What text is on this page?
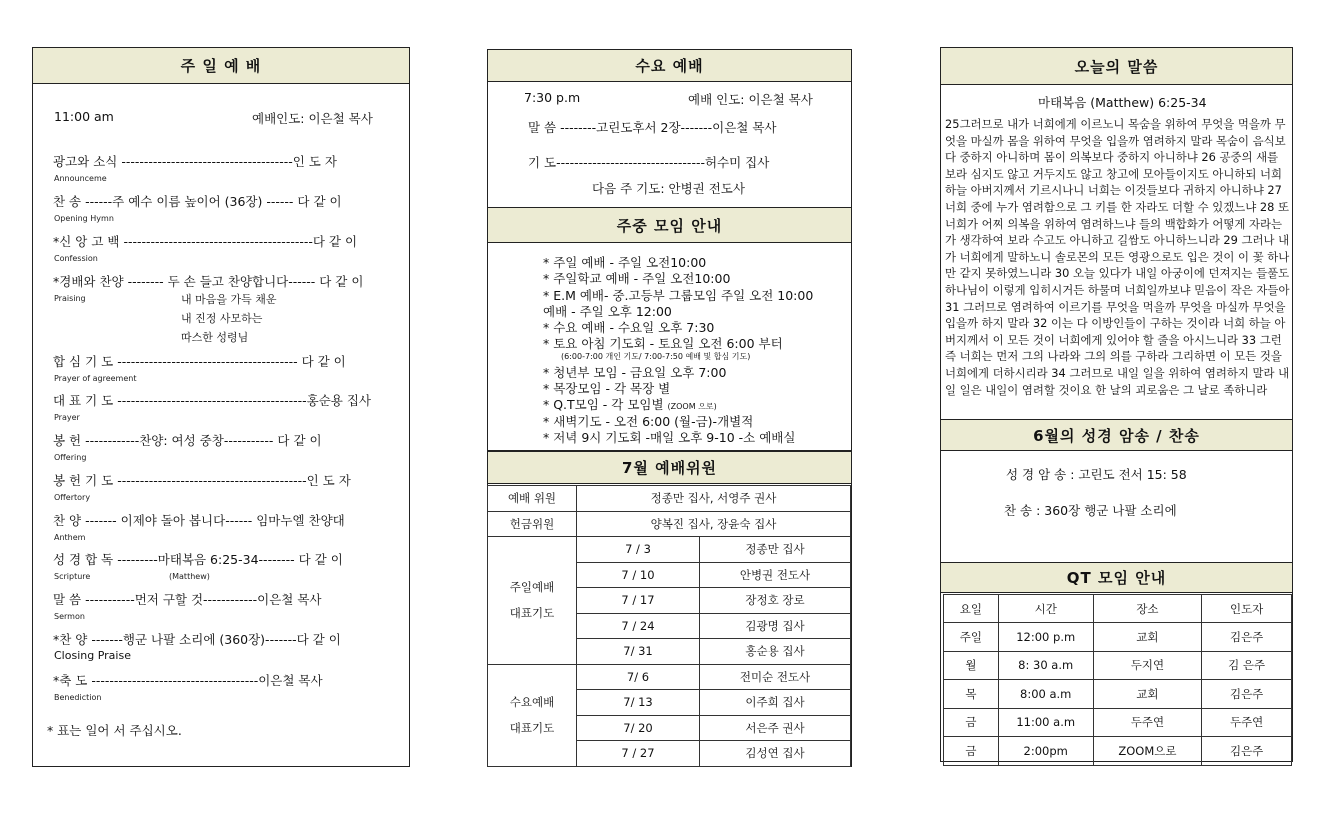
주 일 예 배
11:00 am	예배인도: 이은철 목사
광고와 소식 --------------------------------------인 도 자
Announceme
찬 송 ------주 예수 이름 높이어 (36장) ------ 다 같 이
Opening Hymn
*신 앙 고 백 ------------------------------------------다 같 이
Confession
*경배와 찬양 -------- 두 손 들고 찬양합니다------ 다 같 이
Praising	내 마음을 가득 채운
내 진정 사모하는
따스한 성령님
합 심 기 도 ---------------------------------------- 다 같 이
Prayer of agreement
대 표 기 도 ------------------------------------------홍순용 집사
Prayer
봉 헌 ------------찬양: 여성 중창----------- 다 같 이
Offering
봉 헌 기 도 ------------------------------------------인 도 자
Offertory
찬 양 ------- 이제야 돌아 봅니다------ 임마누엘 찬양대
Anthem
성 경 합 독 ---------마태복음 6:25-34-------- 다 같 이
Scripture	(Matthew)
말 씀 -----------먼저 구할 것------------이은철 목사
Sermon
*찬 양 -------행군 나팔 소리에 (360장)-------다 같 이
Closing Praise
*축 도 -------------------------------------이은철 목사
Benediction
* 표는 일어 서 주십시오.
수요 예배
7:30 p.m	예배 인도: 이은철 목사
말 씀 --------고린도후서 2장-------이은철 목사
기 도---------------------------------허수미 집사
다음 주 기도: 안병권 전도사
주중 모임 안내
* 주일 예배 - 주일 오전10:00
* 주일학교 예배 - 주일 오전10:00
* E.M 예배- 중.고등부 그룹모임 주일 오전 10:00
예배 - 주일 오후 12:00
* 수요 예배 - 수요일 오후 7:30
* 토요 아침 기도회 - 토요일 오전 6:00 부터
(6:00-7:00 개인 기도/ 7:00-7:50 예배 및 합심 기도)
* 청년부 모임 - 금요일 오후 7:00
* 목장모임 - 각 목장 별
* Q.T모임 - 각 모임별 (ZOOM 으로)
* 새벽기도 - 오전 6:00 (월-금)-개별적
* 저녁 9시 기도회 -매일 오후 9-10 -소 예배실
7월 예배위원
예배 위원	정종만 집사, 서영주 권사	
헌금위원	양복진 집사, 장윤숙 집사	

주일예배
대표기도	7 / 3	정종만 집사
	7 / 10	안병권 전도사
	7 / 17	장정호 장로
	7 / 24	김광명 집사
	7/ 31	홍순용 집사

수요예배
대표기도	7/ 6	전미순 전도사
	7/ 13	이주희 집사
	7/ 20	서은주 권사
	7 / 27	김성연 집사
오늘의 말씀
마태복음 (Matthew) 6:25-34
25그러므로 내가 너희에게 이르노니 목숨을 위하여 무엇을 먹을까 무엇을 마실까 몸을 위하여 무엇을 입을까 염려하지 말라 목숨이 음식보다 중하지 아니하며 몸이 의복보다 중하지 아니하냐 26 공중의 새를 보라 심지도 않고 거두지도 않고 창고에 모아들이지도 아니하되 너희 하늘 아버지께서 기르시나니 너희는 이것들보다 귀하지 아니하냐 27 너희 중에 누가 염려함으로 그 키를 한 자라도 더할 수 있겠느냐 28 또 너희가 어찌 의복을 위하여 염려하느냐 들의 백합화가 어떻게 자라는가 생각하여 보라 수고도 아니하고 길쌈도 아니하느니라 29 그러나 내가 너희에게 말하노니 솔로몬의 모든 영광으로도 입은 것이 이 꽃 하나만 같지 못하였느니라 30 오늘 있다가 내일 아궁이에 던져지는 들풀도 하나님이 이렇게 입히시거든 하물며 너희일까보냐 믿음이 작은 자들아 31 그러므로 염려하여 이르기를 무엇을 먹을까 무엇을 마실까 무엇을 입을까 하지 말라 32 이는 다 이방인들이 구하는 것이라 너희 하늘 아버지께서 이 모든 것이 너희에게 있어야 할 줄을 아시느니라 33 그런즉 너희는 먼저 그의 나라와 그의 의를 구하라 그리하면 이 모든 것을 너희에게 더하시리라 34 그러므로 내일 일을 위하여 염려하지 말라 내일 일은 내일이 염려할 것이요 한 날의 괴로움은 그 날로 족하니라
6월의 성경 암송 / 찬송
성 경 암 송 : 고린도 전서 15: 58
찬 송 : 360장 행군 나팔 소리에
QT 모임 안내
요일	시간	장소	인도자
주일	12:00 p.m	교회	김은주
월	8: 30 a.m	두지연	김 은주
목	8:00 a.m	교회	김은주
금	11:00 a.m	두주연	두주연
금	2:00pm	ZOOM으로	김은주
